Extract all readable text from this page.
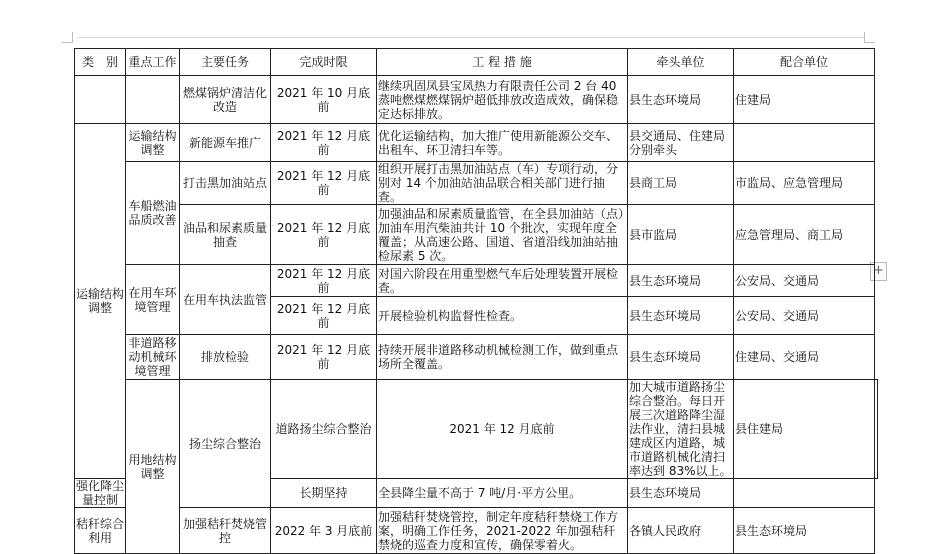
+
类　别	重点工作	主要任务	完成时限	工 程 措 施	牵头单位	配合单位	
		燃煤锅炉清洁化改造	2021 年 10 月底前	继续巩固凤县宝凤热力有限责任公司 2 台 40 蒸吨燃煤燃煤锅炉超低排放改造成效，确保稳定达标排放。	县生态环境局	住建局	
运输结构调整	运输结构调整	新能源车推广	2021 年 12 月底前	优化运输结构，加大推广使用新能源公交车、出租车、环卫清扫车等。	县交通局、住建局分别牵头		
	车船燃油品质改善	打击黑加油站点	2021 年 12 月底前	组织开展打击黑加油站点（车）专项行动，分别对 14 个加油站油品联合相关部门进行抽查。	县商工局	市监局、应急管理局	
		油品和尿素质量抽查	2021 年 12 月底前	加强油品和尿素质量监管，在全县加油站（点）加油车用汽柴油共计 10 个批次，实现年度全覆盖；从高速公路、国道、省道沿线加油站抽检尿素 5 次。	县市监局	应急管理局、商工局	
	在用车环境管理	在用车执法监管	2021 年 12 月底前	对国六阶段在用重型燃气车后处理装置开展检查。	县生态环境局	公安局、交通局	
			2021 年 12 月底前	开展检验机构监督性检查。	县生态环境局	公安局、交通局	
	非道路移动机械环境管理	排放检验	2021 年 12 月底前	持续开展非道路移动机械检测工作，做到重点场所全覆盖。	县生态环境局	住建局、交通局	
	用地结构调整	扬尘综合整治	道路扬尘综合整治	2021 年 12 月底前	加大城市道路扬尘综合整治。每日开展三次道路降尘湿法作业，清扫县城建成区内道路，城市道路机械化清扫率达到 83%以上。	县住建局	
强化降尘量控制			长期坚持	全县降尘量不高于 7 吨/月·平方公里。	县生态环境局		
秸秆综合利用		加强秸秆焚烧管控	2022 年 3 月底前	加强秸秆焚烧管控，制定年度秸秆禁烧工作方案，明确工作任务，2021-2022 年加强秸秆禁烧的巡查力度和宣传，确保零着火。	各镇人民政府	县生态环境局	
